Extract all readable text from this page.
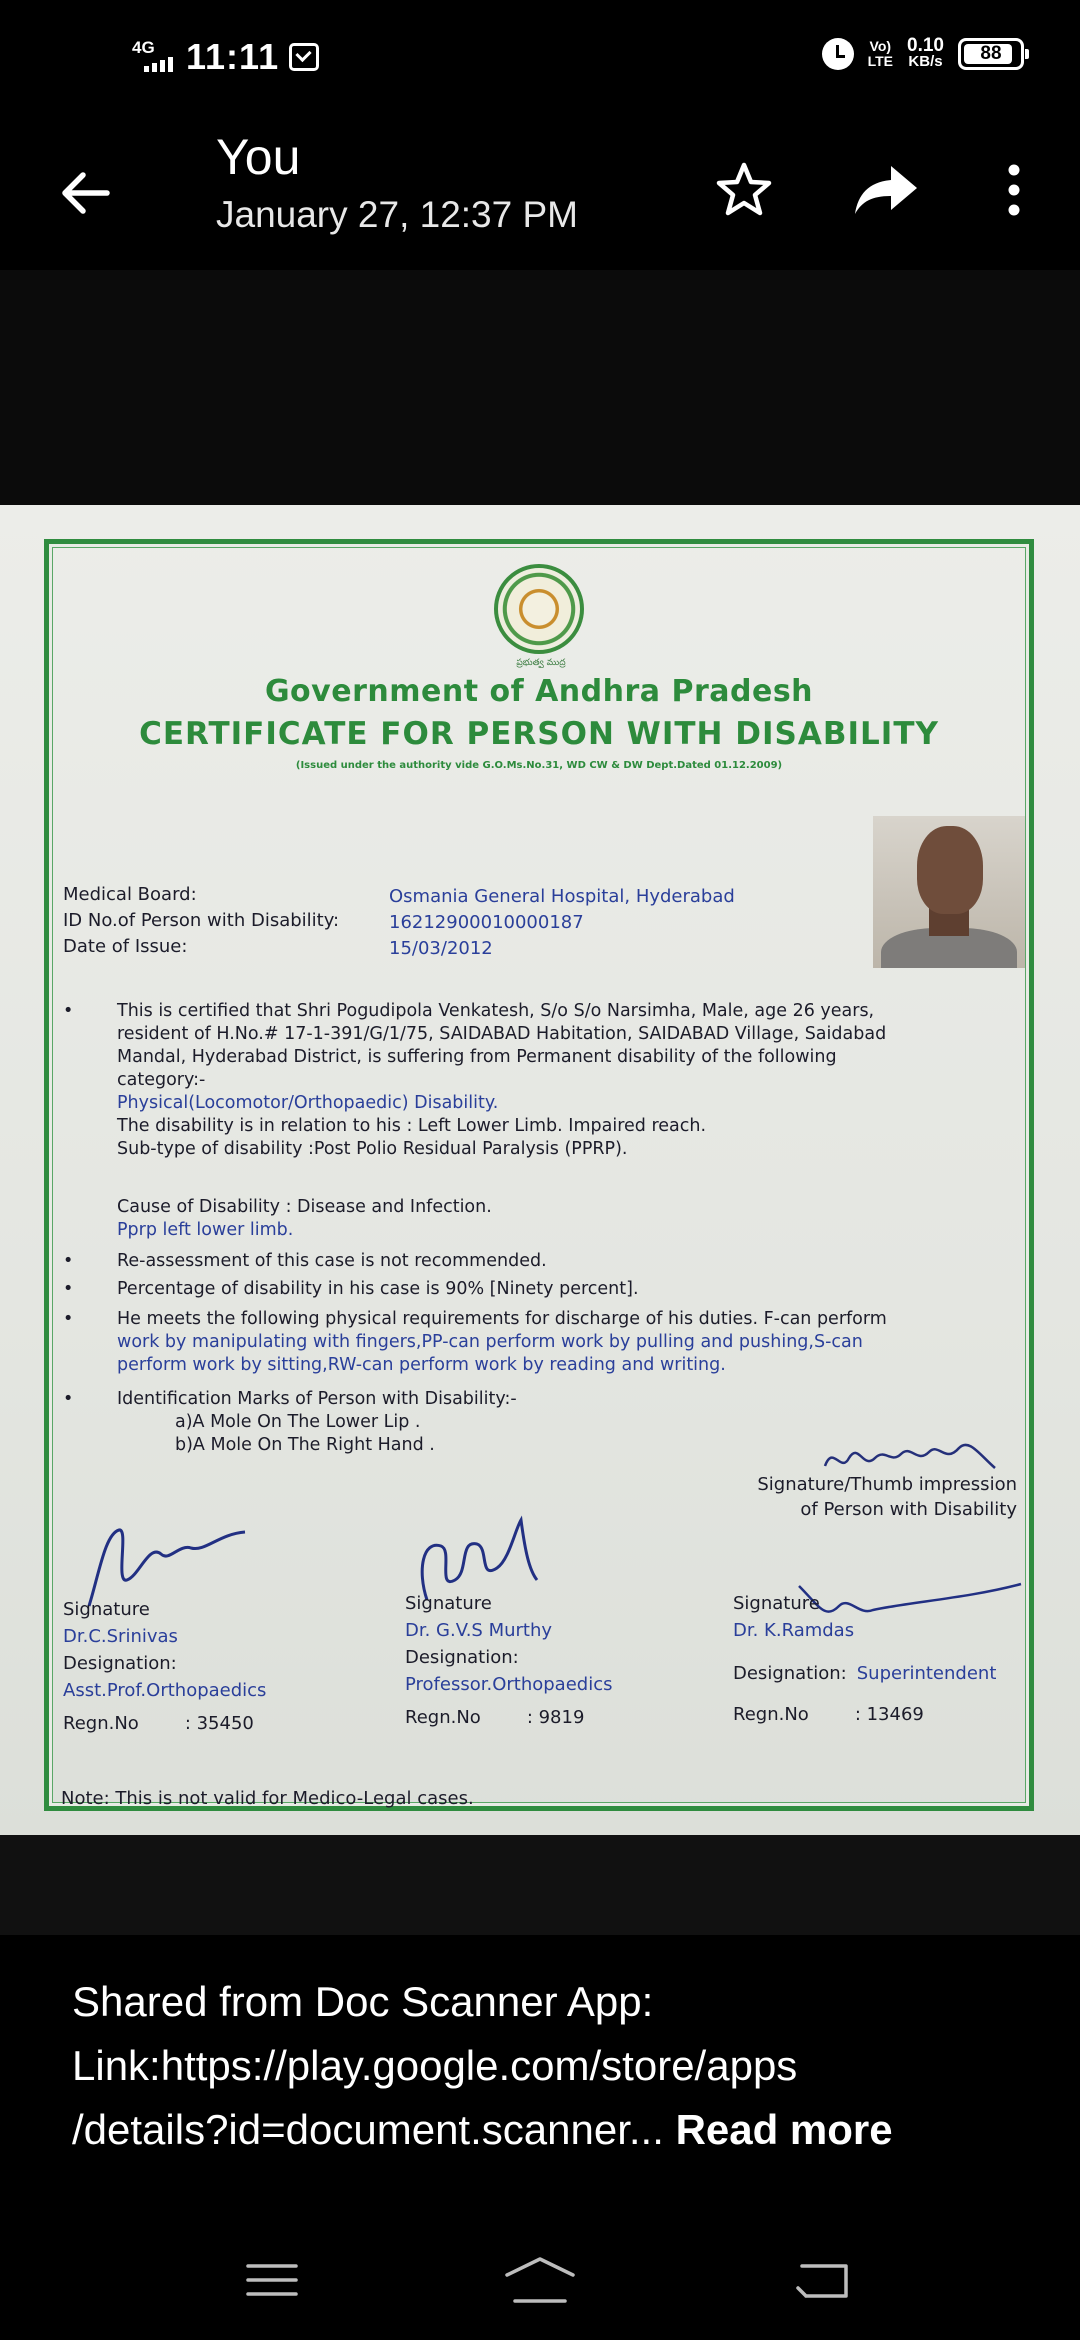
4G 11:11	Vo)
LTE
0.10
KB/s 88
You
January 27, 12:37 PM
ప్రభుత్వ ముద్ర
Government of Andhra Pradesh
CERTIFICATE FOR PERSON WITH DISABILITY
(Issued under the authority vide G.O.Ms.No.31, WD CW & DW Dept.Dated 01.12.2009)
Medical Board:	Osmania General Hospital, Hyderabad
ID No.of Person with Disability:	16212900010000187
Date of Issue:	15/03/2012
•	This is certified that Shri Pogudipola Venkatesh, S/o S/o Narsimha, Male, age 26 years,
resident of H.No.# 17-1-391/G/1/75, SAIDABAD Habitation, SAIDABAD Village, Saidabad
Mandal, Hyderabad District, is suffering from Permanent disability of the following
category:-
Physical(Locomotor/Orthopaedic) Disability.
The disability is in relation to his : Left Lower Limb. Impaired reach.
Sub-type of disability :Post Polio Residual Paralysis (PPRP).
Cause of Disability : Disease and Infection.
Pprp left lower limb.
•	Re-assessment of this case is not recommended.
•	Percentage of disability in his case is 90% [Ninety percent].
•	He meets the following physical requirements for discharge of his duties. F-can perform
work by manipulating with fingers,PP-can perform work by pulling and pushing,S-can
perform work by sitting,RW-can perform work by reading and writing.
•	Identification Marks of Person with Disability:-
a)A Mole On The Lower Lip .
b)A Mole On The Right Hand .
Signature/Thumb impression
of Person with Disability
Signature
Dr.C.Srinivas
Designation:
Asst.Prof.Orthopaedics
Regn.No	: 35450
Signature
Dr. G.V.S Murthy
Designation:
Professor.Orthopaedics
Regn.No	: 9819
Signature
Dr. K.Ramdas
Designation: Superintendent
Regn.No	: 13469
Note: This is not valid for Medico-Legal cases.
Shared from Doc Scanner App:
Link:https://play.google.com/store/apps
/details?id=document.scanner... Read more
